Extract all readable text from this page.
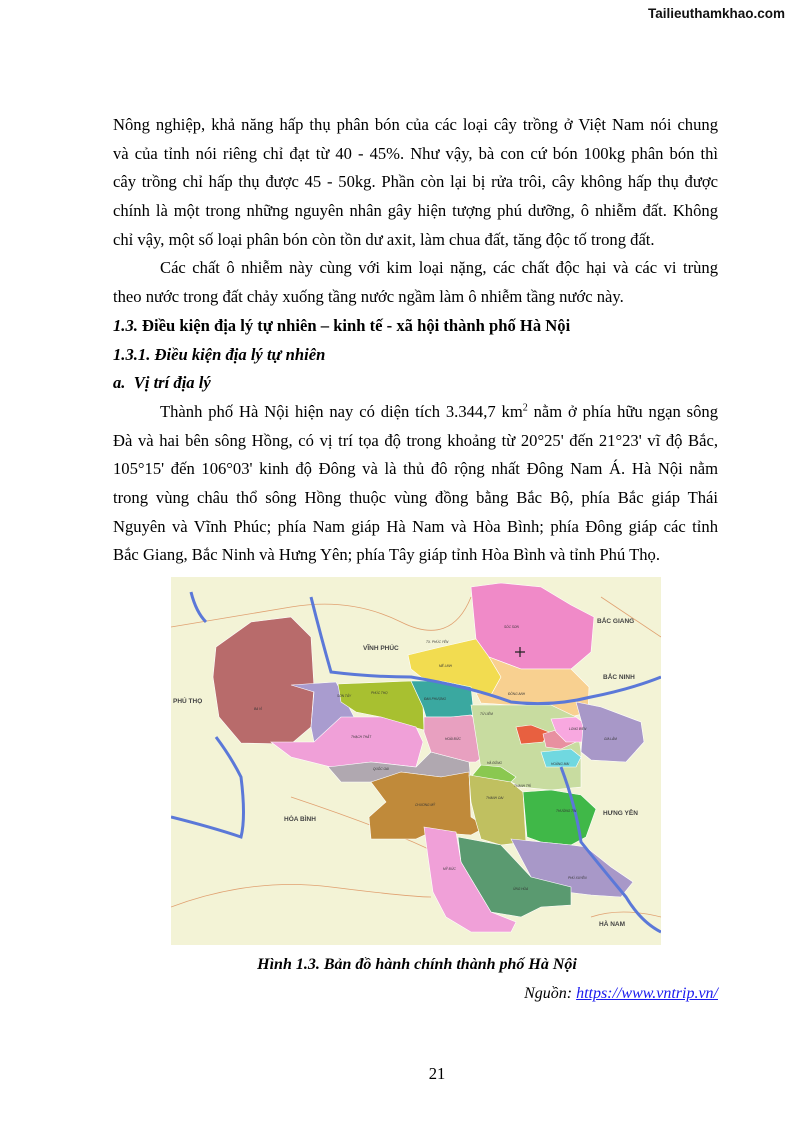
Tailieuthamkhao.com
Nông nghiệp, khả năng hấp thụ phân bón của các loại cây trồng ở Việt Nam nói chung
và của tỉnh nói riêng chỉ đạt từ 40 - 45%. Như vậy, bà con cứ bón 100kg phân bón thì
cây trồng chỉ hấp thụ được 45 - 50kg. Phần còn lại bị rửa trôi, cây không hấp thụ được
chính là một trong những nguyên nhân gây hiện tượng phú dưỡng, ô nhiễm đất. Không
chỉ vậy, một số loại phân bón còn tồn dư axit, làm chua đất, tăng độc tố trong đất.
Các chất ô nhiễm này cùng với kim loại nặng, các chất độc hại và các vi trùng
theo nước trong đất chảy xuống tầng nước ngầm làm ô nhiễm tầng nước này.
1.3. Điều kiện địa lý tự nhiên – kinh tế - xã hội thành phố Hà Nội
1.3.1. Điều kiện địa lý tự nhiên
a. Vị trí địa lý
Thành phố Hà Nội hiện nay có diện tích 3.344,7 $km^2$ nằm ở phía hữu ngạn sông
Đà và hai bên sông Hồng, có vị trí tọa độ trong khoảng từ 20°25' đến 21°23' vĩ độ Bắc,
105°15' đến 106°03' kinh độ Đông và là thủ đô rộng nhất Đông Nam Á. Hà Nội nằm
trong vùng châu thổ sông Hồng thuộc vùng đồng bằng Bắc Bộ, phía Bắc giáp Thái
Nguyên và Vĩnh Phúc; phía Nam giáp Hà Nam và Hòa Bình; phía Đông giáp các tỉnh
Bắc Giang, Bắc Ninh và Hưng Yên; phía Tây giáp tỉnh Hòa Bình và tỉnh Phú Thọ.
PHÚ THỌ
VĨNH PHÚC
BẮC GIANG
BẮC NINH
HƯNG YÊN
HÒA BÌNH
HÀ NAM
SÓC SƠN
TX. PHÚC YÊN
MÊ LINH
ĐÔNG ANH
BA VÌ
SƠN TÂY
PHÚC THỌ
ĐAN PHƯỢNG
THẠCH THẤT	HOÀI ĐỨC
TỪ LIÊM
QUỐC OAI
CHƯƠNG MỸ
THANH OAI
HÀ ĐÔNG
THANH TRÌ
THƯỜNG TÍN
PHÚ XUYÊN
ỨNG HÒA
MỸ ĐỨC
GIA LÂM
LONG BIÊN
HOÀNG MAI
Hình 1.3. Bản đồ hành chính thành phố Hà Nội
Nguồn: https://www.vntrip.vn/
21
